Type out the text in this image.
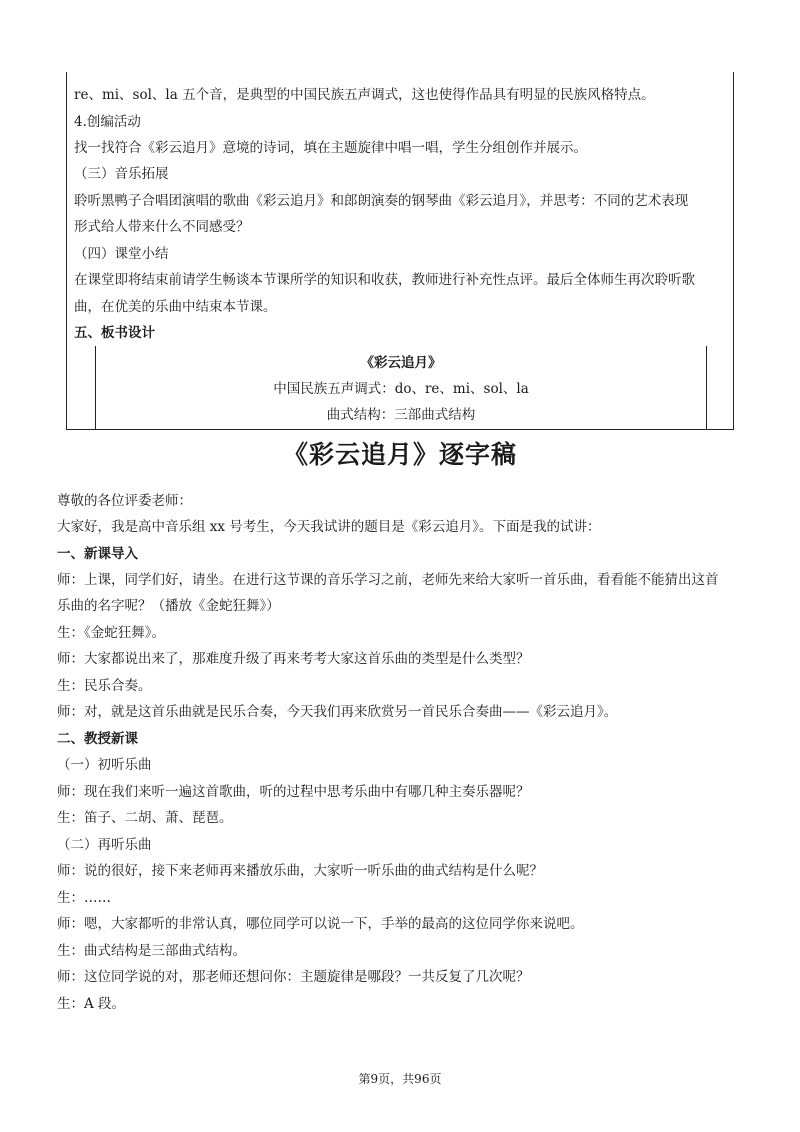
re、mi、sol、la 五个音，是典型的中国民族五声调式，这也使得作品具有明显的民族风格特点。
4.创编活动
找一找符合《彩云追月》意境的诗词，填在主题旋律中唱一唱，学生分组创作并展示。
（三）音乐拓展
聆听黑鸭子合唱团演唱的歌曲《彩云追月》和郎朗演奏的钢琴曲《彩云追月》，并思考：不同的艺术表现
形式给人带来什么不同感受？
（四）课堂小结
在课堂即将结束前请学生畅谈本节课所学的知识和收获，教师进行补充性点评。最后全体师生再次聆听歌
曲，在优美的乐曲中结束本节课。
五、板书设计
《彩云追月》
中国民族五声调式：do、re、mi、sol、la
曲式结构：三部曲式结构
《彩云追月》逐字稿
尊敬的各位评委老师：
大家好，我是高中音乐组 xx 号考生，今天我试讲的题目是《彩云追月》。下面是我的试讲：
一、新课导入
师：上课，同学们好，请坐。在进行这节课的音乐学习之前，老师先来给大家听一首乐曲，看看能不能猜出这首
乐曲的名字呢？（播放《金蛇狂舞》）
生：《金蛇狂舞》。
师：大家都说出来了，那难度升级了再来考考大家这首乐曲的类型是什么类型？
生：民乐合奏。
师：对，就是这首乐曲就是民乐合奏，今天我们再来欣赏另一首民乐合奏曲——《彩云追月》。
二、教授新课
（一）初听乐曲
师：现在我们来听一遍这首歌曲，听的过程中思考乐曲中有哪几种主奏乐器呢？
生：笛子、二胡、萧、琵琶。
（二）再听乐曲
师：说的很好，接下来老师再来播放乐曲，大家听一听乐曲的曲式结构是什么呢？
生：……
师：嗯，大家都听的非常认真，哪位同学可以说一下，手举的最高的这位同学你来说吧。
生：曲式结构是三部曲式结构。
师：这位同学说的对，那老师还想问你：主题旋律是哪段？一共反复了几次呢？
生：A 段。
第9页，共96页
